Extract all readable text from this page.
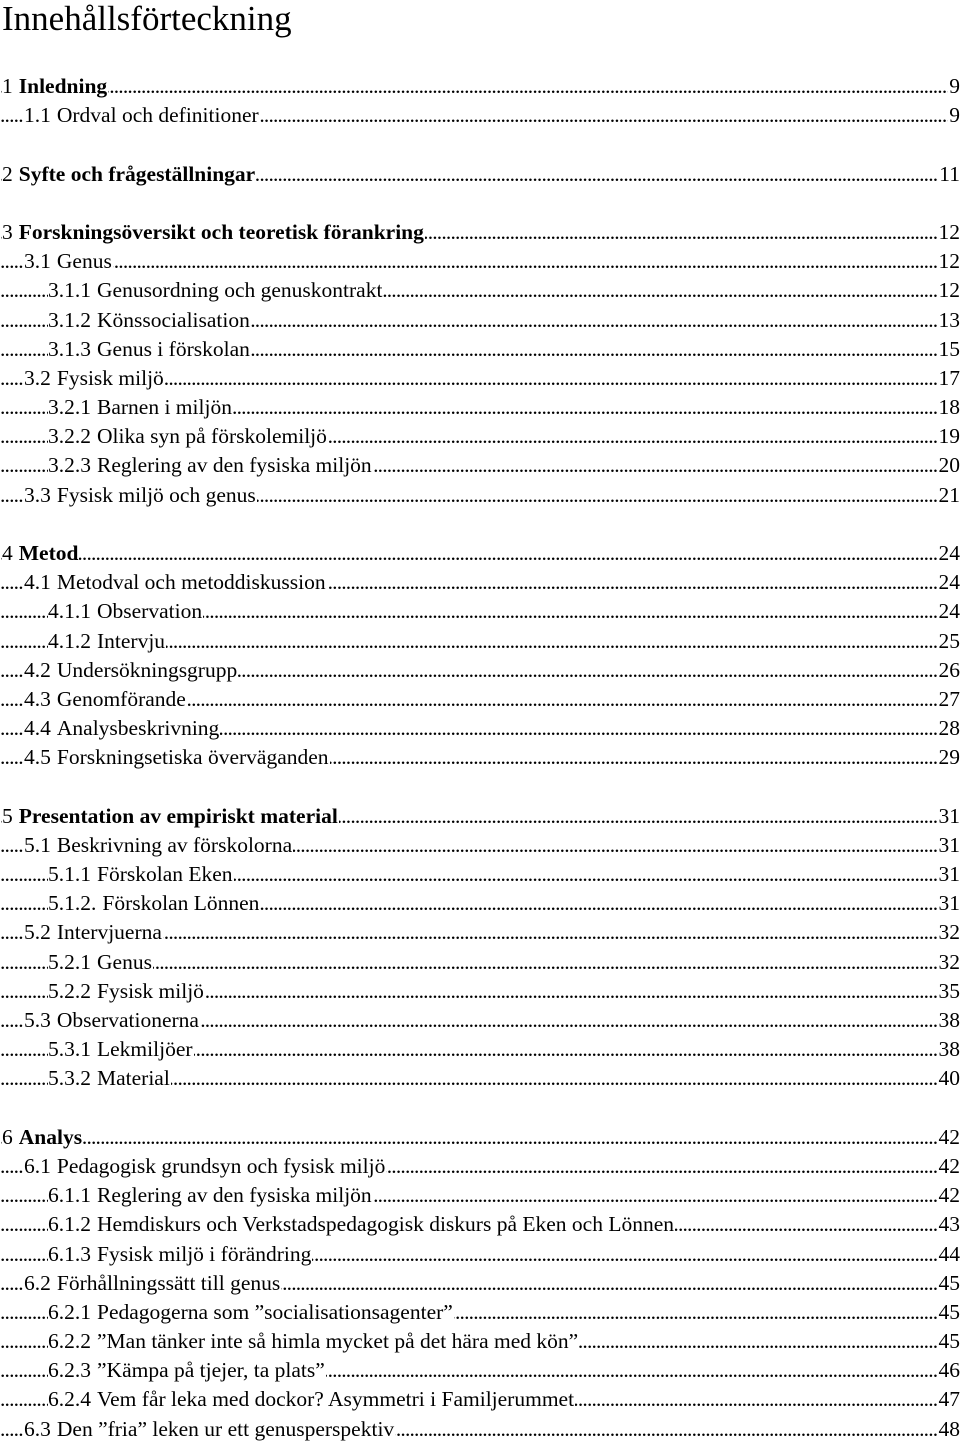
Innehållsförteckning
. . .
1 Inledning	9
. . .
1.1 Ordval och definitioner	9
. . .
2 Syfte och frågeställningar	11
. . .
3 Forskningsöversikt och teoretisk förankring	12
. . .
3.1 Genus	12
. . .
3.1.1 Genusordning och genuskontrakt	12
. . .
3.1.2 Könssocialisation	13
. . .
3.1.3 Genus i förskolan	15
. . .
3.2 Fysisk miljö	17
. . .
3.2.1 Barnen i miljön	18
. . .
3.2.2 Olika syn på förskolemiljö	19
. . .
3.2.3 Reglering av den fysiska miljön	20
. . .
3.3 Fysisk miljö och genus	21
. . .
4 Metod	24
. . .
4.1 Metodval och metoddiskussion	24
. . .
4.1.1 Observation	24
. . .
4.1.2 Intervju	25
. . .
4.2 Undersökningsgrupp	26
. . .
4.3 Genomförande	27
. . .
4.4 Analysbeskrivning	28
. . .
4.5 Forskningsetiska överväganden	29
. . .
5 Presentation av empiriskt material	31
. . .
5.1 Beskrivning av förskolorna	31
. . .
5.1.1 Förskolan Eken	31
. . .
5.1.2. Förskolan Lönnen	31
. . .
5.2 Intervjuerna	32
. . .
5.2.1 Genus	32
. . .
5.2.2 Fysisk miljö	35
. . .
5.3 Observationerna	38
. . .
5.3.1 Lekmiljöer	38
. . .
5.3.2 Material	40
. . .
6 Analys	42
. . .
6.1 Pedagogisk grundsyn och fysisk miljö	42
. . .
6.1.1 Reglering av den fysiska miljön	42
. . .
6.1.2 Hemdiskurs och Verkstadspedagogisk diskurs på Eken och Lönnen	43
. . .
6.1.3 Fysisk miljö i förändring	44
. . .
6.2 Förhållningssätt till genus	45
. . .
6.2.1 Pedagogerna som ”socialisationsagenter”	45
. . .
6.2.2 ”Man tänker inte så himla mycket på det hära med kön”	45
. . .
6.2.3 ”Kämpa på tjejer, ta plats”	46
. . .
6.2.4 Vem får leka med dockor? Asymmetri i Familjerummet	47
. . .
6.3 Den ”fria” leken ur ett genusperspektiv	48
